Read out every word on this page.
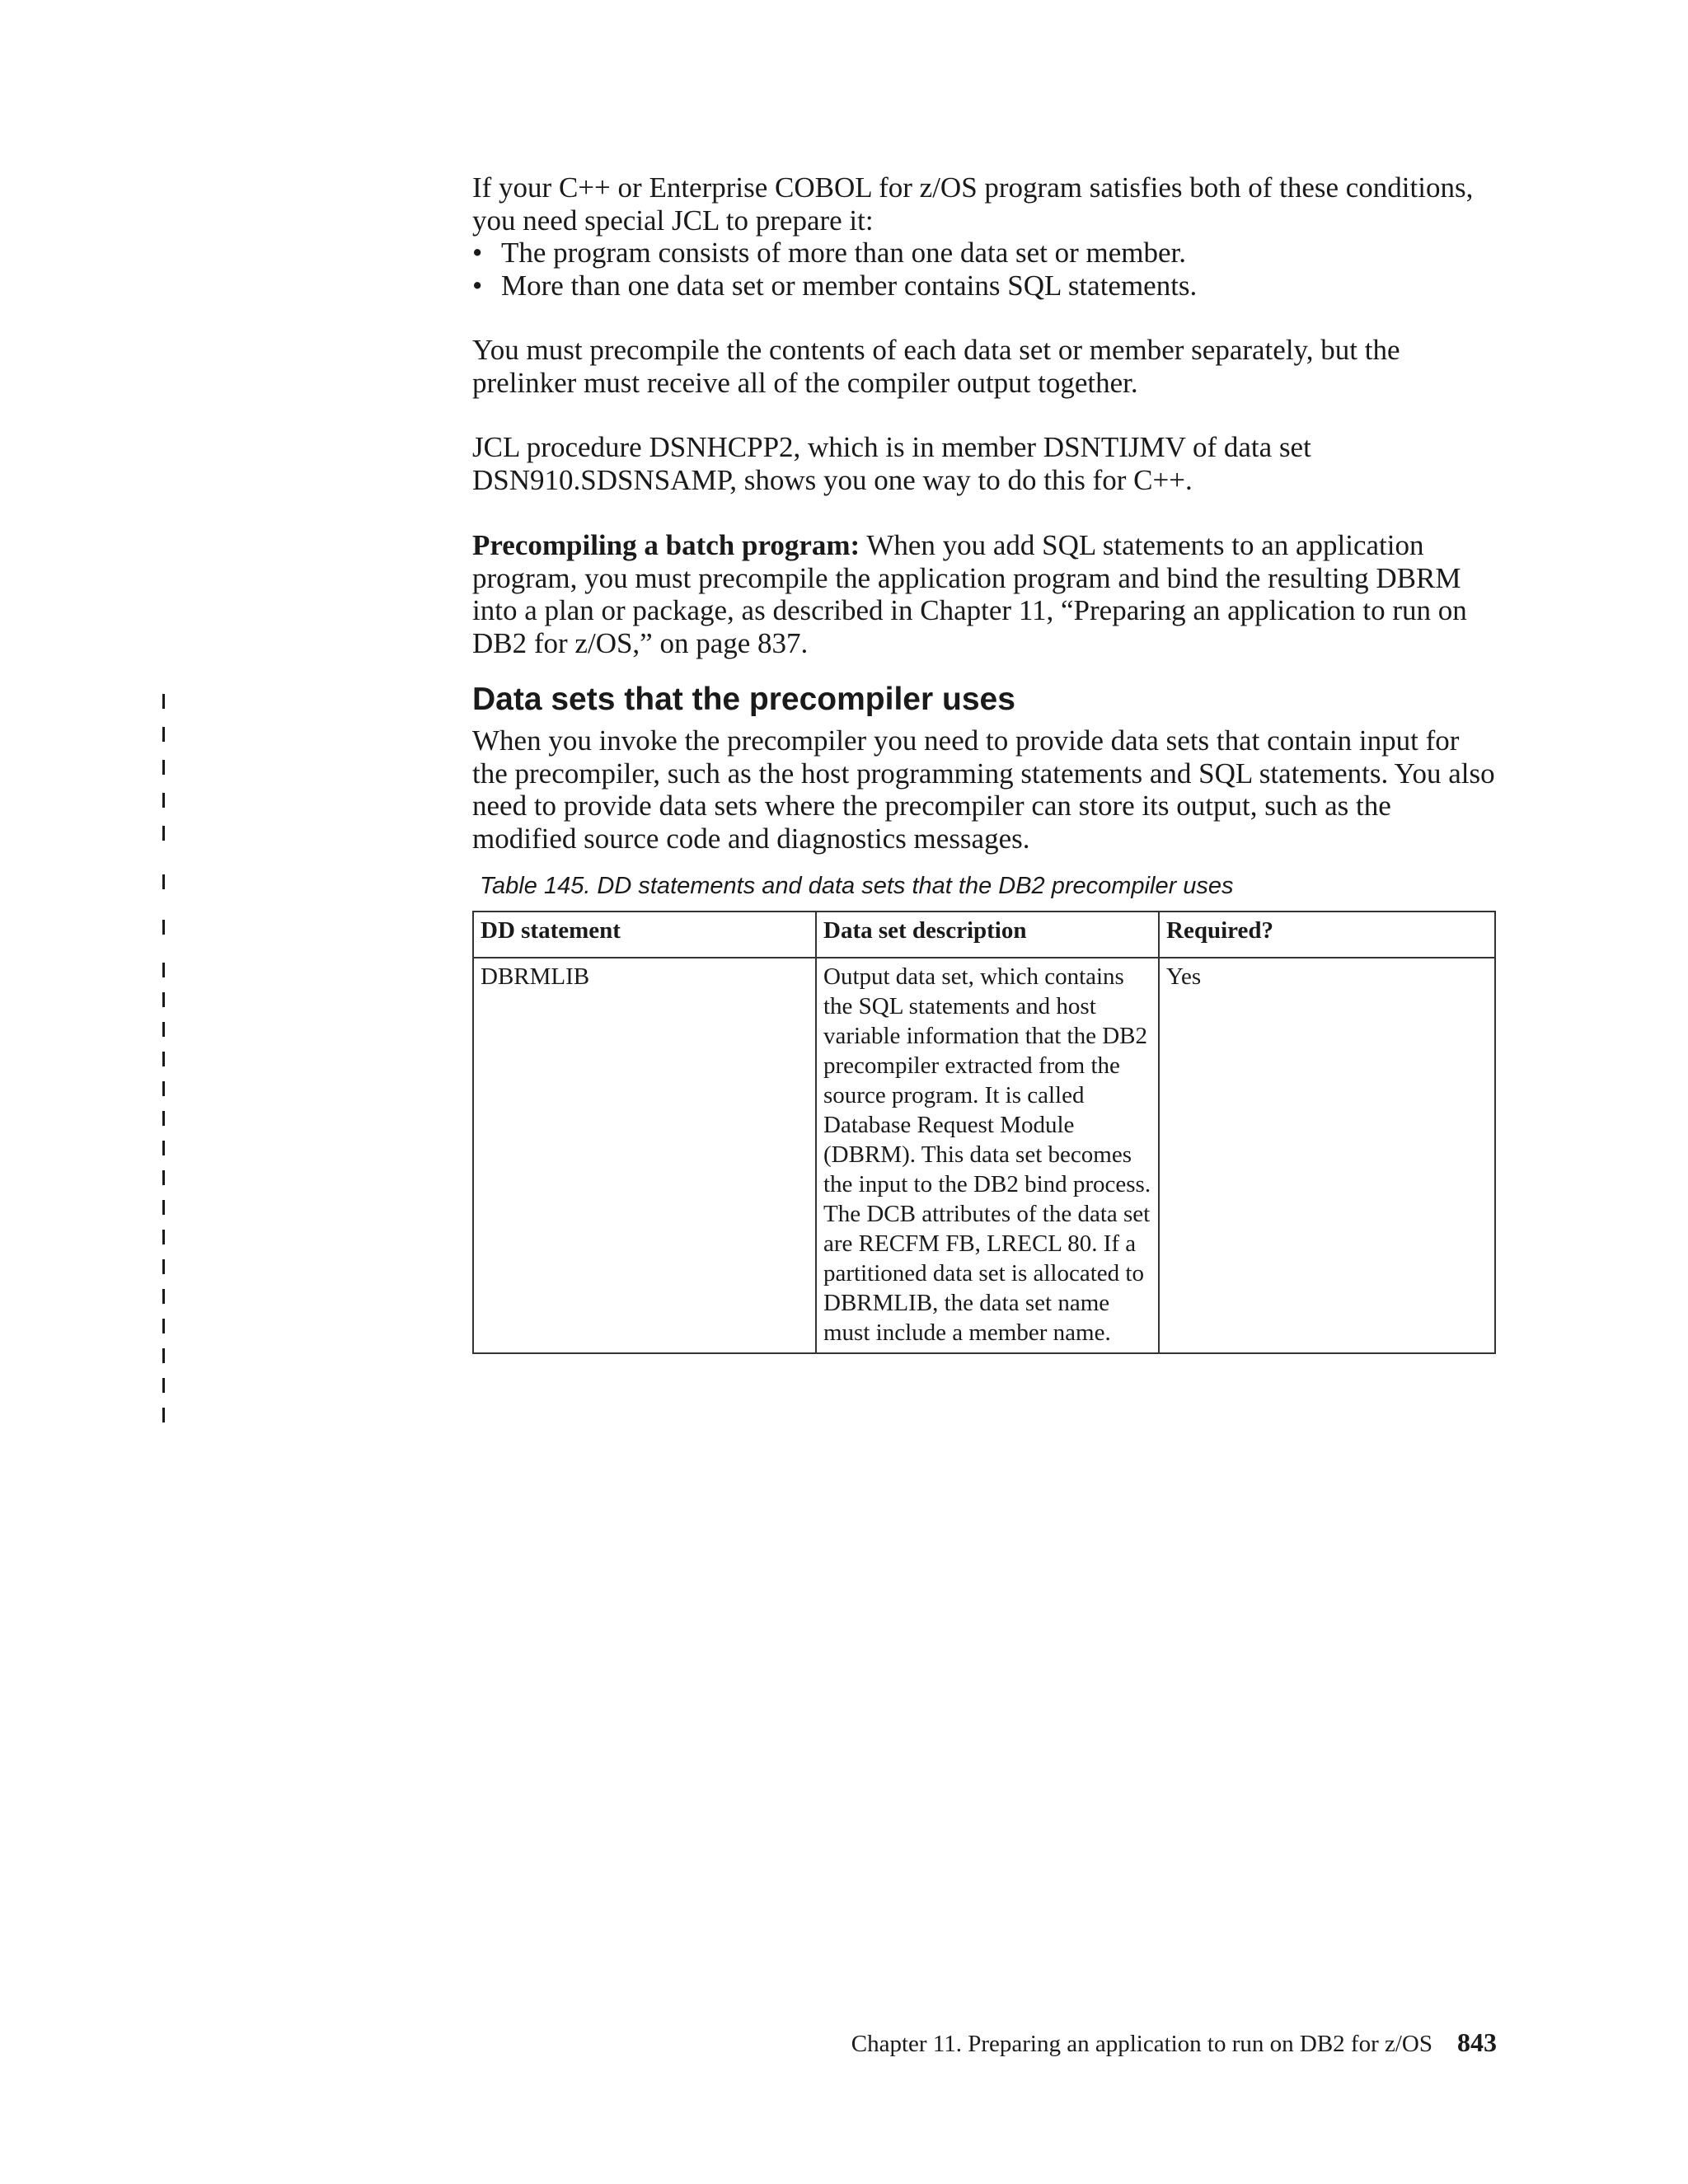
If your C++ or Enterprise COBOL for z/OS program satisfies both of these conditions, you need special JCL to prepare it:

• The program consists of more than one data set or member.
• More than one data set or member contains SQL statements.

You must precompile the contents of each data set or member separately, but the prelinker must receive all of the compiler output together.

JCL procedure DSNHCPP2, which is in member DSNTIJMV of data set DSN910.SDSNSAMP, shows you one way to do this for C++.

Precompiling a batch program: When you add SQL statements to an application program, you must precompile the application program and bind the resulting DBRM into a plan or package, as described in Chapter 11, “Preparing an application to run on DB2 for z/OS,” on page 837.

Data sets that the precompiler uses

When you invoke the precompiler you need to provide data sets that contain input for the precompiler, such as the host programming statements and SQL statements. You also need to provide data sets where the precompiler can store its output, such as the modified source code and diagnostics messages.

Table 145. DD statements and data sets that the DB2 precompiler uses

DD statement	Data set description	Required?
DBRMLIB	Output data set, which contains the SQL statements and host variable information that the DB2 precompiler extracted from the source program. It is called Database Request Module (DBRM). This data set becomes the input to the DB2 bind process. The DCB attributes of the data set are RECFM FB, LRECL 80. If a partitioned data set is allocated to DBRMLIB, the data set name must include a member name.	Yes
Chapter 11. Preparing an application to run on DB2 for z/OS 843
